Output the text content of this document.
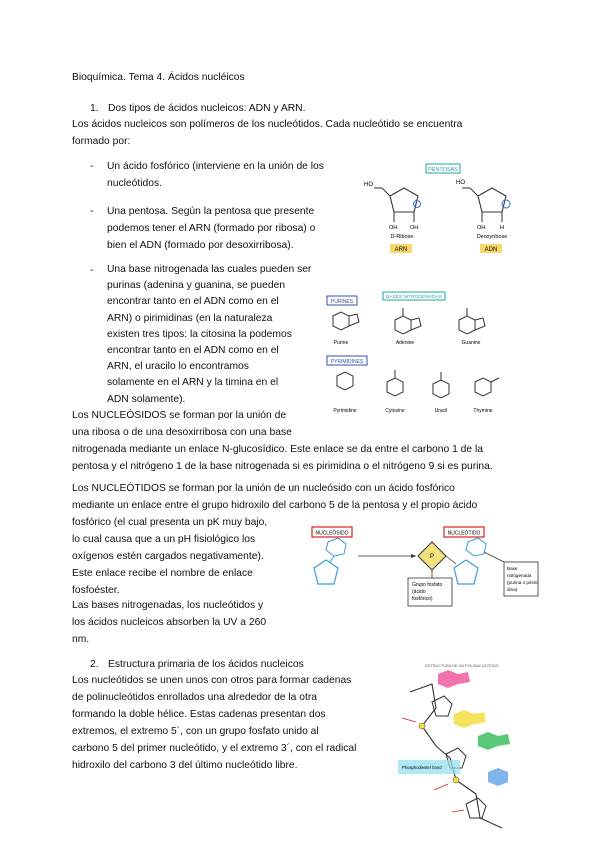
Bioquímica. Tema 4. Ácidos nucléicos
1. Dos tipos de ácidos nucleicos: ADN y ARN.
Los ácidos nucleicos son polímeros de los nucleótidos. Cada nucleótido se encuentra
formado por:
- Un ácido fosfórico (interviene en la unión de los
nucleótidos.
- Una pentosa. Según la pentosa que presente
podemos tener el ARN (formado por ribosa) o
bien el ADN (formado por desoxirribosa).
- Una base nitrogenada las cuales pueden ser
purinas (adenina y guanina, se pueden
encontrar tanto en el ADN como en el
ARN) o pirimidinas (en la naturaleza
existen tres tipos: la citosina la podemos
encontrar tanto en el ADN como en el
ARN, el uracilo lo encontramos
solamente en el ARN y la timina en el
ADN solamente).
Los NUCLEÓSIDOS se forman por la unión de
una ribosa o de una desoxirribosa con una base
nitrogenada mediante un enlace N-glucosídico. Este enlace se da entre el carbono 1 de la
pentosa y el nitrógeno 1 de la base nitrogenada si es pirimidina o el nitrógeno 9 si es purina.
Los NUCLEÓTIDOS se forman por la unión de un nucleósido con un ácido fosfórico
mediante un enlace entre el grupo hidroxilo del carbono 5 de la pentosa y el propio ácido
fosfórico (el cual presenta un pK muy bajo,
lo cual causa que a un pH fisiológico los
oxígenos estén cargados negativamente).
Este enlace recibe el nombre de enlace
fosfoéster.
Las bases nitrogenadas, los nucleótidos y
los ácidos nucleicos absorben la UV a 260
nm.
2. Estructura primaria de los ácidos nucleicos
Los nucleótidos se unen unos con otros para formar cadenas
de polinucleótidos enrollados una alrededor de la otra
formando la doble hélice. Estas cadenas presentan dos
extremos, el extremo 5´, con un grupo fosfato unido al
carbono 5 del primer nucleótido, y el extremo 3´, con el radical
hidroxilo del carbono 3 del último nucleótido libre.
PENTOSAS
HO
OH OH
D-Ribose
ARN
HO
OH	H
Deoxyribose
ADN
BASES NITROGENADAS
PURINES
Purine	Adenine	Guanine
PYRIMIDINES
Pyrimidine	Cytosine	Uracil	Thymine
NUCLEÓSIDO	NUCLEÓTIDO
P
Grupo fosfato
(ácido
fosfórico)
Base
nitrogenada
(purina o pirimi-
dina)
ESTRUCTURA DE UN POLINUCLEÓTIDO
Phosphodiester bond
